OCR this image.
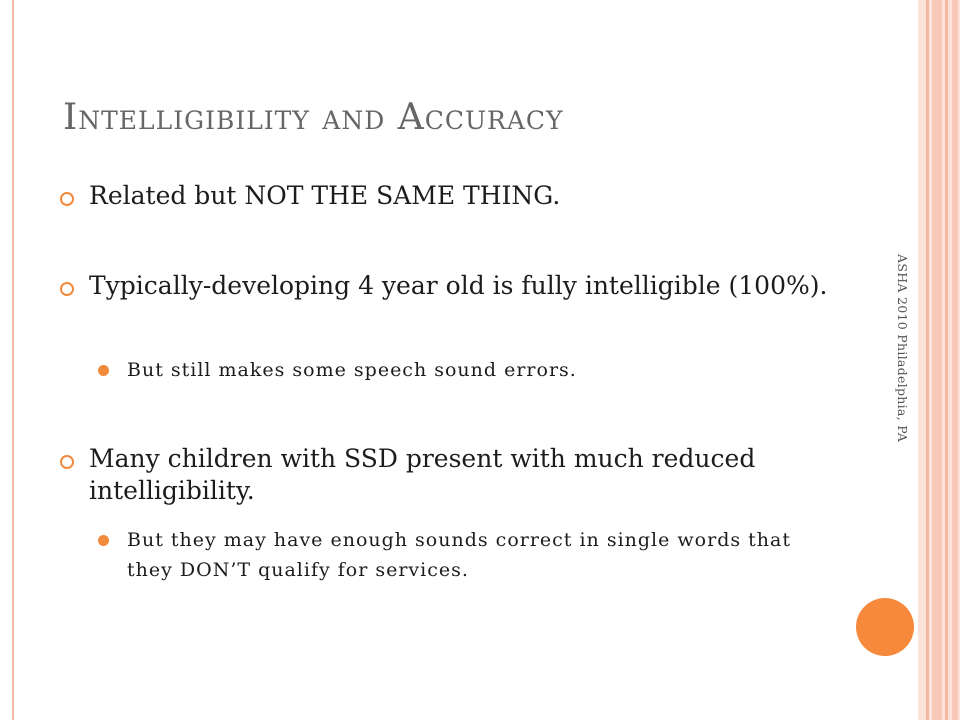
Intelligibility and Accuracy
Related but NOT THE SAME THING.
Typically-developing 4 year old is fully intelligible (100%).
But still makes some speech sound errors.
Many children with SSD present with much reduced intelligibility.
But they may have enough sounds correct in single words that they DON’T qualify for services.
ASHA 2010 Philadelphia, PA
